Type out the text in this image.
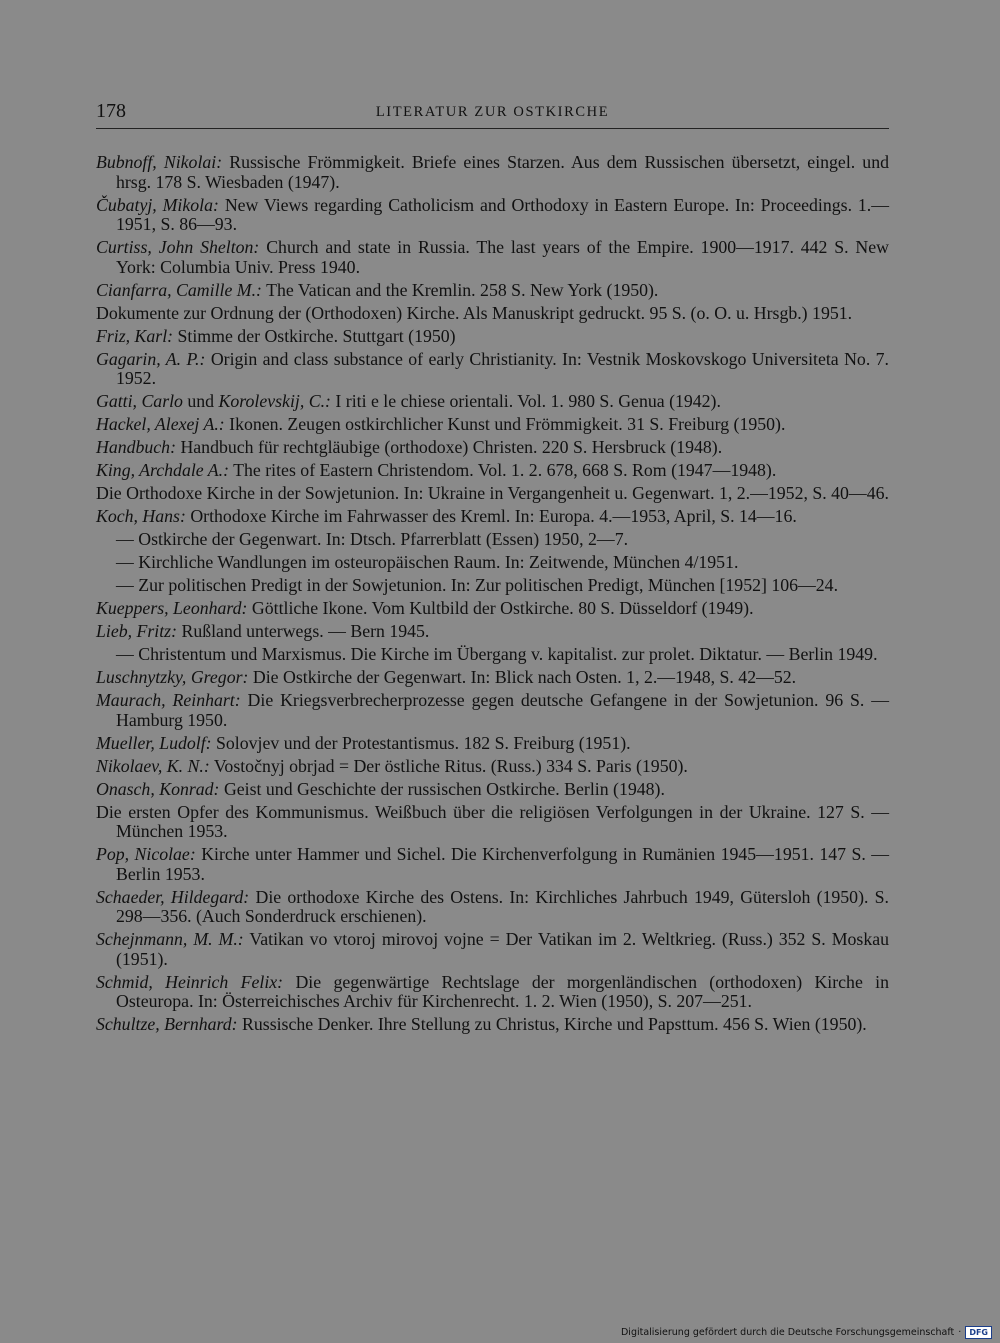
178	LITERATUR ZUR OSTKIRCHE
Bubnoff, Nikolai: Russische Frömmigkeit. Briefe eines Starzen. Aus dem Russischen übersetzt, eingel. und hrsg. 178 S. Wiesbaden (1947).
Čubatyj, Mikola: New Views regarding Catholicism and Orthodoxy in Eastern Europe. In: Proceedings. 1.—1951, S. 86—93.
Curtiss, John Shelton: Church and state in Russia. The last years of the Empire. 1900—1917. 442 S. New York: Columbia Univ. Press 1940.
Cianfarra, Camille M.: The Vatican and the Kremlin. 258 S. New York (1950).
Dokumente zur Ordnung der (Orthodoxen) Kirche. Als Manuskript gedruckt. 95 S. (o. O. u. Hrsgb.) 1951.
Friz, Karl: Stimme der Ostkirche. Stuttgart (1950)
Gagarin, A. P.: Origin and class substance of early Christianity. In: Vestnik Moskovskogo Universiteta No. 7. 1952.
Gatti, Carlo und Korolevskij, C.: I riti e le chiese orientali. Vol. 1. 980 S. Genua (1942).
Hackel, Alexej A.: Ikonen. Zeugen ostkirchlicher Kunst und Frömmigkeit. 31 S. Freiburg (1950).
Handbuch: Handbuch für rechtgläubige (orthodoxe) Christen. 220 S. Hersbruck (1948).
King, Archdale A.: The rites of Eastern Christendom. Vol. 1. 2. 678, 668 S. Rom (1947—1948).
Die Orthodoxe Kirche in der Sowjetunion. In: Ukraine in Vergangenheit u. Gegenwart. 1, 2.—1952, S. 40—46.
Koch, Hans: Orthodoxe Kirche im Fahrwasser des Kreml. In: Europa. 4.—1953, April, S. 14—16.
— Ostkirche der Gegenwart. In: Dtsch. Pfarrerblatt (Essen) 1950, 2—7.
— Kirchliche Wandlungen im osteuropäischen Raum. In: Zeitwende, München 4/1951.
— Zur politischen Predigt in der Sowjetunion. In: Zur politischen Predigt, München [1952] 106—24.
Kueppers, Leonhard: Göttliche Ikone. Vom Kultbild der Ostkirche. 80 S. Düsseldorf (1949).
Lieb, Fritz: Rußland unterwegs. — Bern 1945.
— Christentum und Marxismus. Die Kirche im Übergang v. kapitalist. zur prolet. Diktatur. — Berlin 1949.
Luschnytzky, Gregor: Die Ostkirche der Gegenwart. In: Blick nach Osten. 1, 2.—1948, S. 42—52.
Maurach, Reinhart: Die Kriegsverbrecherprozesse gegen deutsche Gefangene in der Sowjetunion. 96 S. — Hamburg 1950.
Mueller, Ludolf: Solovjev und der Protestantismus. 182 S. Freiburg (1951).
Nikolaev, K. N.: Vostočnyj obrjad = Der östliche Ritus. (Russ.) 334 S. Paris (1950).
Onasch, Konrad: Geist und Geschichte der russischen Ostkirche. Berlin (1948).
Die ersten Opfer des Kommunismus. Weißbuch über die religiösen Verfolgungen in der Ukraine. 127 S. — München 1953.
Pop, Nicolae: Kirche unter Hammer und Sichel. Die Kirchenverfolgung in Rumänien 1945—1951. 147 S. — Berlin 1953.
Schaeder, Hildegard: Die orthodoxe Kirche des Ostens. In: Kirchliches Jahrbuch 1949, Gütersloh (1950). S. 298—356. (Auch Sonderdruck erschienen).
Schejnmann, M. M.: Vatikan vo vtoroj mirovoj vojne = Der Vatikan im 2. Weltkrieg. (Russ.) 352 S. Moskau (1951).
Schmid, Heinrich Felix: Die gegenwärtige Rechtslage der morgenländischen (orthodoxen) Kirche in Osteuropa. In: Österreichisches Archiv für Kirchenrecht. 1. 2. Wien (1950), S. 207—251.
Schultze, Bernhard: Russische Denker. Ihre Stellung zu Christus, Kirche und Papsttum. 456 S. Wien (1950).
Digitalisierung gefördert durch die Deutsche Forschungsgemeinschaft ·	DFG
